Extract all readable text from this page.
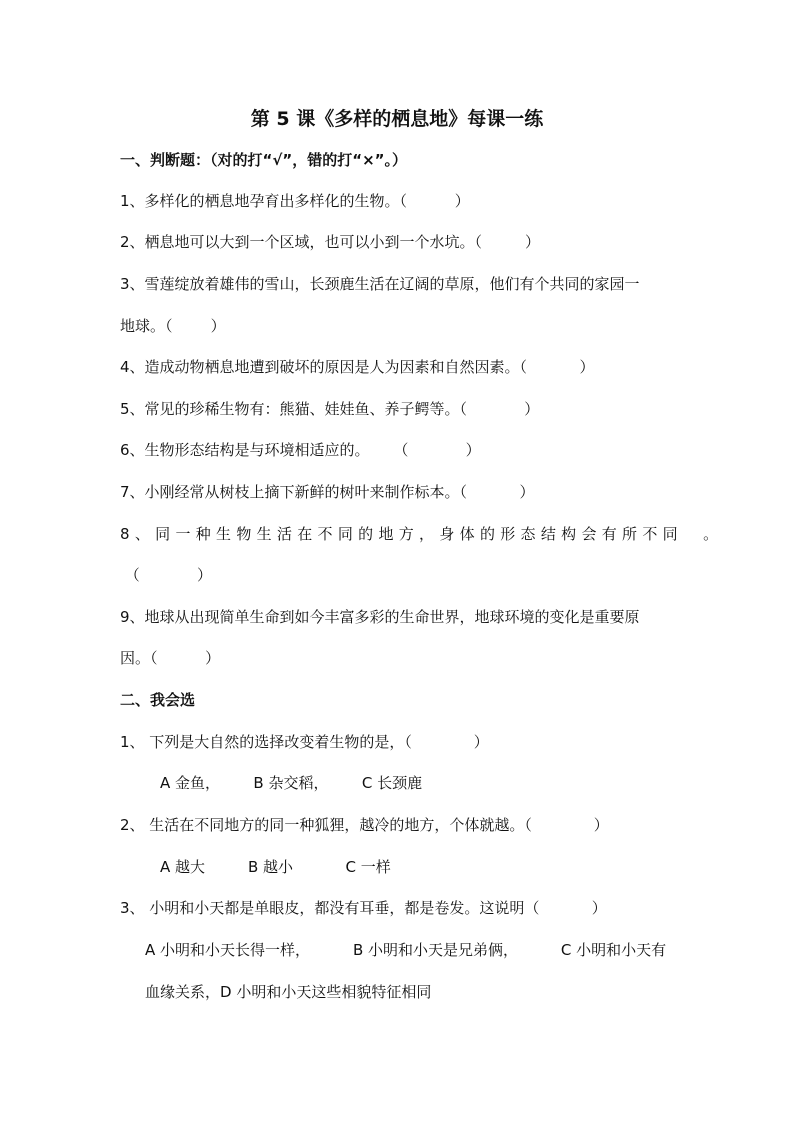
第 5 课《多样的栖息地》每课一练
一、判断题：（对的打“√”，错的打“×”。）
1、多样化的栖息地孕育出多样化的生物。（          ）
2、栖息地可以大到一个区域，也可以小到一个水坑。（         ）
3、雪莲绽放着雄伟的雪山，长颈鹿生活在辽阔的草原，他们有个共同的家园一
地球。（        ）
4、造成动物栖息地遭到破坏的原因是人为因素和自然因素。（           ）
5、常见的珍稀生物有：熊猫、娃娃鱼、养子鳄等。（            ）
6、生物形态结构是与环境相适应的。     （            ）
7、小刚经常从树枝上摘下新鲜的树叶来制作标本。（           ）
8、同一种生物生活在不同的地方，身体的形态结构会有所不同  。
（            ）
9、地球从出现简单生命到如今丰富多彩的生命世界，地球环境的变化是重要原
因。（          ）
二、我会选
1、 下列是大自然的选择改变着生物的是，（             ）
A 金鱼，       B 杂交稻，       C 长颈鹿
2、 生活在不同地方的同一种狐狸，越冷的地方，个体就越。（             ）
A 越大         B 越小           C 一样
3、 小明和小天都是单眼皮，都没有耳垂，都是卷发。这说明（           ）
A 小明和小天长得一样，         B 小明和小天是兄弟俩，         C 小明和小天有
血缘关系，D 小明和小天这些相貌特征相同
